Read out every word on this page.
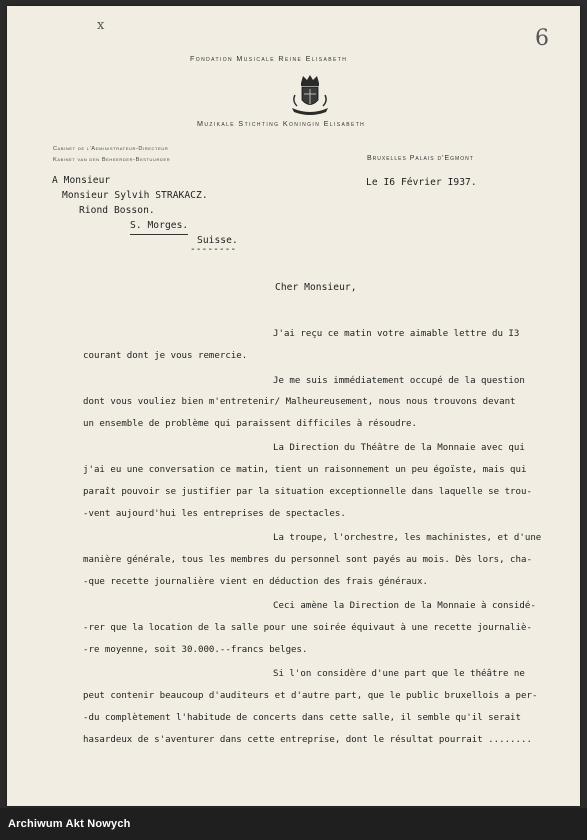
x
6
Fondation Musicale Reine Elisabeth
Muzikale Stichting Koningin Elisabeth
Cabinet de l'Administrateur-Directeur
Kabinet van den Beheerder-Bestuurder	Bruxelles Palais d'Egmont
A Monsieur
Monsieur Sylvih STRAKACZ.
Riond Bosson.
S. Morges.
Suisse.
--------
Le I6 Février I937.
Cher Monsieur,
J'ai reçu ce matin votre aimable lettre du I3
courant dont je vous remercie.
Je me suis immédiatement occupé de la question
dont vous vouliez bien m'entretenir/ Malheureusement, nous nous trouvons devant
un ensemble de problème qui paraissent difficiles à résoudre.
La Direction du Théâtre de la Monnaie avec qui
j'ai eu une conversation ce matin, tient un raisonnement un peu égoïste, mais qui
paraît pouvoir se justifier par la situation exceptionnelle dans laquelle se trou-
-vent aujourd'hui les entreprises de spectacles.
La troupe, l'orchestre, les machinistes, et d'une
manière générale, tous les membres du personnel sont payés au mois. Dès lors, cha-
-que recette journalière vient en déduction des frais généraux.
Ceci amène la Direction de la Monnaie à considé-
-rer que la location de la salle pour une soirée équivaut à une recette journaliè-
-re moyenne, soit 30.000.--francs belges.
Si l'on considère d'une part que le théâtre ne
peut contenir beaucoup d'auditeurs et d'autre part, que le public bruxellois a per-
-du complètement l'habitude de concerts dans cette salle, il semble qu'il serait
hasardeux de s'aventurer dans cette entreprise, dont le résultat pourrait ........
Archiwum Akt Nowych
